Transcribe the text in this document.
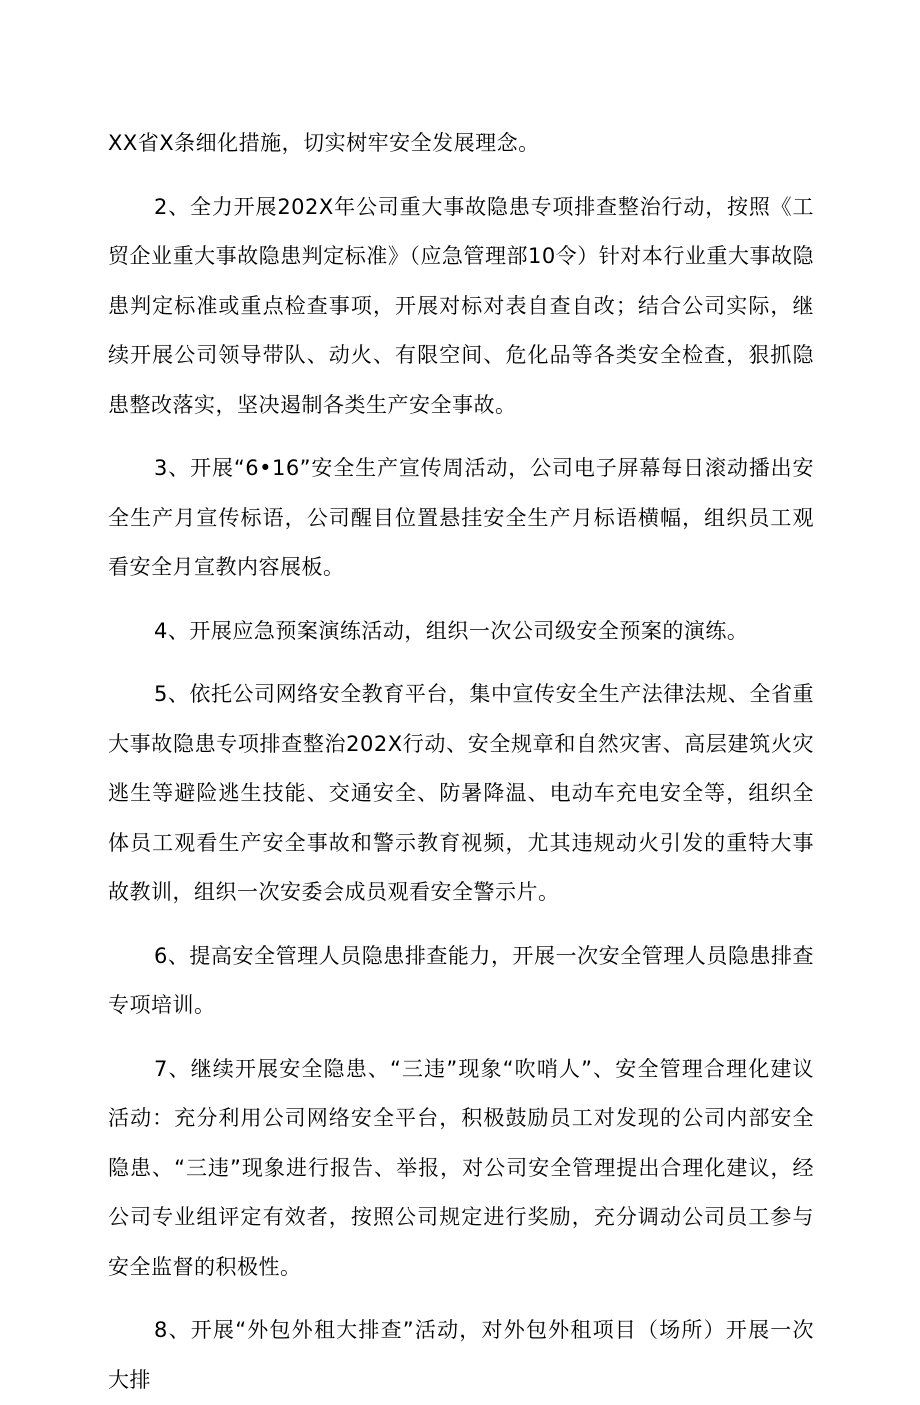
XX省X条细化措施，切实树牢安全发展理念。

2、全力开展202X年公司重大事故隐患专项排查整治行动，按照《工贸企业重大事故隐患判定标准》（应急管理部10令）针对本行业重大事故隐患判定标准或重点检查事项，开展对标对表自查自改；结合公司实际，继续开展公司领导带队、动火、有限空间、危化品等各类安全检查，狠抓隐患整改落实，坚决遏制各类生产安全事故。

3、开展“6•16”安全生产宣传周活动，公司电子屏幕每日滚动播出安全生产月宣传标语，公司醒目位置悬挂安全生产月标语横幅，组织员工观看安全月宣教内容展板。

4、开展应急预案演练活动，组织一次公司级安全预案的演练。

5、依托公司网络安全教育平台，集中宣传安全生产法律法规、全省重大事故隐患专项排查整治202X行动、安全规章和自然灾害、高层建筑火灾逃生等避险逃生技能、交通安全、防暑降温、电动车充电安全等，组织全体员工观看生产安全事故和警示教育视频，尤其违规动火引发的重特大事故教训，组织一次安委会成员观看安全警示片。

6、提高安全管理人员隐患排查能力，开展一次安全管理人员隐患排查专项培训。

7、继续开展安全隐患、“三违”现象“吹哨人”、安全管理合理化建议活动：充分利用公司网络安全平台，积极鼓励员工对发现的公司内部安全隐患、“三违”现象进行报告、举报，对公司安全管理提出合理化建议，经公司专业组评定有效者，按照公司规定进行奖励，充分调动公司员工参与安全监督的积极性。

8、开展“外包外租大排查”活动，对外包外租项目（场所）开展一次大排
